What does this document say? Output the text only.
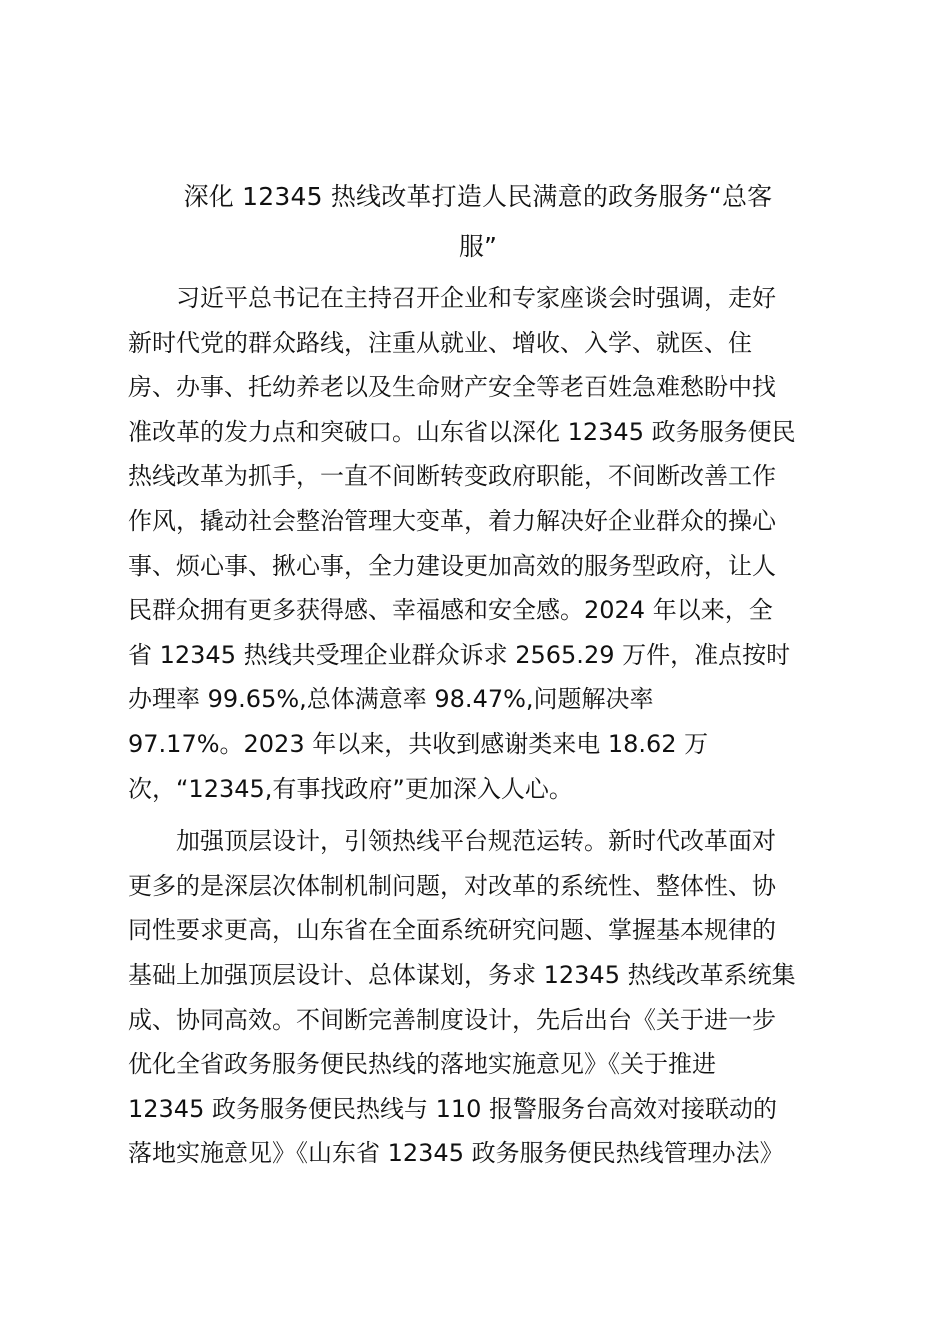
深化 12345 热线改革打造人民满意的政务服务“总客
服”

习近平总书记在主持召开企业和专家座谈会时强调，走好
新时代党的群众路线，注重从就业、增收、入学、就医、住
房、办事、托幼养老以及生命财产安全等老百姓急难愁盼中找
准改革的发力点和突破口。山东省以深化 12345 政务服务便民
热线改革为抓手，一直不间断转变政府职能，不间断改善工作
作风，撬动社会整治管理大变革，着力解决好企业群众的操心
事、烦心事、揪心事，全力建设更加高效的服务型政府，让人
民群众拥有更多获得感、幸福感和安全感。2024 年以来，全
省 12345 热线共受理企业群众诉求 2565.29 万件，准点按时
办理率 99.65%,总体满意率 98.47%,问题解决率
97.17%。2023 年以来，共收到感谢类来电 18.62 万
次，“12345,有事找政府”更加深入人心。

加强顶层设计，引领热线平台规范运转。新时代改革面对
更多的是深层次体制机制问题，对改革的系统性、整体性、协
同性要求更高，山东省在全面系统研究问题、掌握基本规律的
基础上加强顶层设计、总体谋划，务求 12345 热线改革系统集
成、协同高效。不间断完善制度设计，先后出台《关于进一步
优化全省政务服务便民热线的落地实施意见》《关于推进
12345 政务服务便民热线与 110 报警服务台高效对接联动的
落地实施意见》《山东省 12345 政务服务便民热线管理办法》
